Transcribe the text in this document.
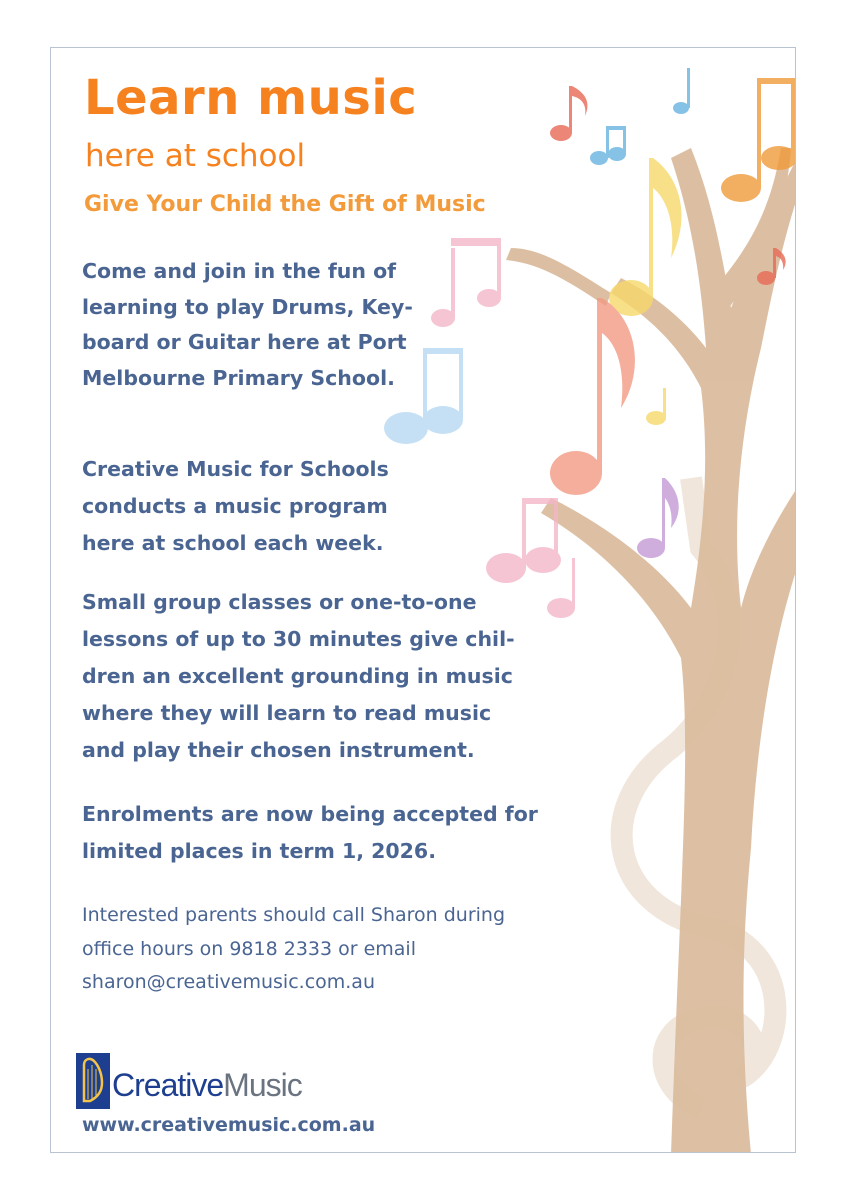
Learn music
here at school
Give Your Child the Gift of Music

Come and join in the fun of
learning to play Drums, Key-
board or Guitar here at Port
Melbourne Primary School.

Creative Music for Schools
conducts a music program
here at school each week.

Small group classes or one-to-one
lessons of up to 30 minutes give chil-
dren an excellent grounding in music
where they will learn to read music
and play their chosen instrument.

Enrolments are now being accepted for
limited places in term 1, 2026.

Interested parents should call Sharon during
office hours on 9818 2333 or email
sharon@creativemusic.com.au

CreativeMusic

www.creativemusic.com.au
